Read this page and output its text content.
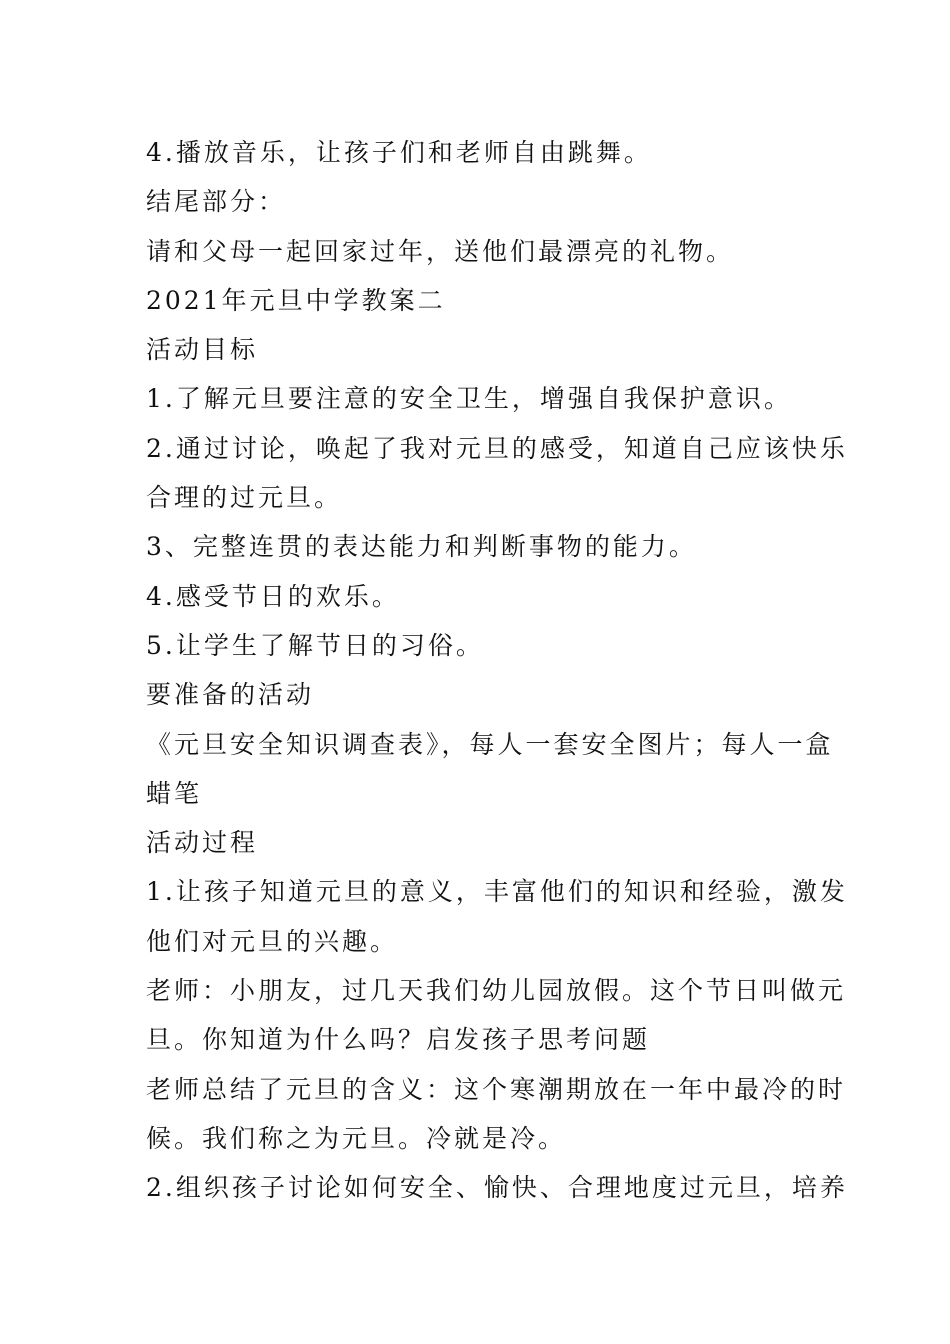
4.播放音乐，让孩子们和老师自由跳舞。
结尾部分：
请和父母一起回家过年，送他们最漂亮的礼物。
2021年元旦中学教案二
活动目标
1.了解元旦要注意的安全卫生，增强自我保护意识。
2.通过讨论，唤起了我对元旦的感受，知道自己应该快乐
合理的过元旦。
3、完整连贯的表达能力和判断事物的能力。
4.感受节日的欢乐。
5.让学生了解节日的习俗。
要准备的活动
《元旦安全知识调查表》，每人一套安全图片；每人一盒
蜡笔
活动过程
1.让孩子知道元旦的意义，丰富他们的知识和经验，激发
他们对元旦的兴趣。
老师：小朋友，过几天我们幼儿园放假。这个节日叫做元
旦。你知道为什么吗？启发孩子思考问题
老师总结了元旦的含义：这个寒潮期放在一年中最冷的时
候。我们称之为元旦。冷就是冷。
2.组织孩子讨论如何安全、愉快、合理地度过元旦，培养
